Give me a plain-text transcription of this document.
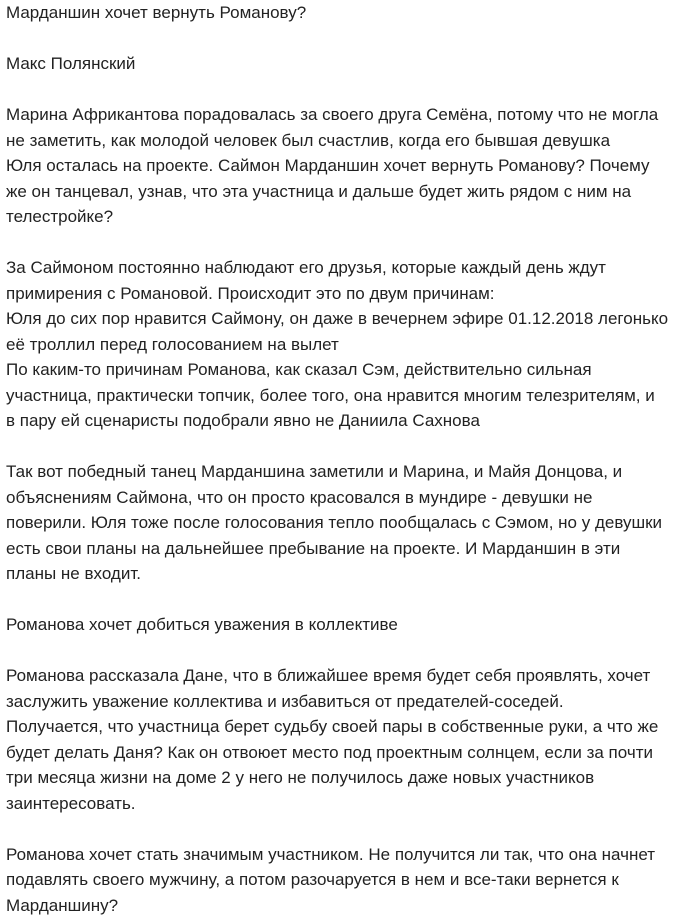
Марданшин хочет вернуть Романову?
Макс Полянский
Марина Африкантова порадовалась за своего друга Семёна, потому что не могла
не заметить, как молодой человек был счастлив, когда его бывшая девушка
Юля осталась на проекте. Саймон Марданшин хочет вернуть Романову? Почему
же он танцевал, узнав, что эта участница и дальше будет жить рядом с ним на
телестройке?
За Саймоном постоянно наблюдают его друзья, которые каждый день ждут
примирения с Романовой. Происходит это по двум причинам:
Юля до сих пор нравится Саймону, он даже в вечернем эфире 01.12.2018 легонько
её троллил перед голосованием на вылет
По каким-то причинам Романова, как сказал Сэм, действительно сильная
участница, практически топчик, более того, она нравится многим телезрителям, и
в пару ей сценаристы подобрали явно не Даниила Сахнова
Так вот победный танец Марданшина заметили и Марина, и Майя Донцова, и
объяснениям Саймона, что он просто красовался в мундире - девушки не
поверили. Юля тоже после голосования тепло пообщалась с Сэмом, но у девушки
есть свои планы на дальнейшее пребывание на проекте. И Марданшин в эти
планы не входит.
Романова хочет добиться уважения в коллективе
Романова рассказала Дане, что в ближайшее время будет себя проявлять, хочет
заслужить уважение коллектива и избавиться от предателей-соседей.
Получается, что участница берет судьбу своей пары в собственные руки, а что же
будет делать Даня? Как он отвоюет место под проектным солнцем, если за почти
три месяца жизни на доме 2 у него не получилось даже новых участников
заинтересовать.
Романова хочет стать значимым участником. Не получится ли так, что она начнет
подавлять своего мужчину, а потом разочаруется в нем и все-таки вернется к
Марданшину?
